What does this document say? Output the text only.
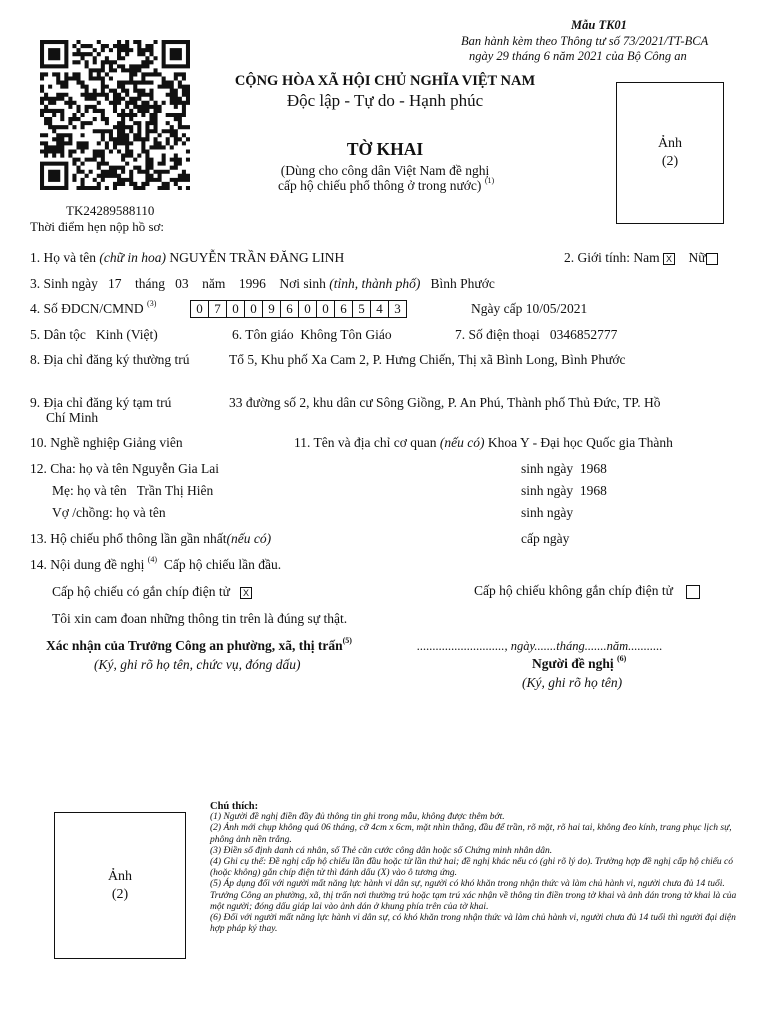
Mẫu TK01
Ban hành kèm theo Thông tư số 73/2021/TT-BCA
ngày 29 tháng 6 năm 2021 của Bộ Công an
CỘNG HÒA XÃ HỘI CHỦ NGHĨA VIỆT NAM
Độc lập - Tự do - Hạnh phúc
TỜ KHAI
(Dùng cho công dân Việt Nam đề nghị
cấp hộ chiếu phổ thông ở trong nước) $^{(1)}$
TK24289588110
Thời điểm hẹn nộp hồ sơ:
Ảnh
(2)
1. Họ và tên (chữ in hoa) NGUYỄN TRẦN ĐĂNG LINH	2. Giới tính: Nam X Nữ
3. Sinh ngày 17 tháng 03 năm 1996 Nơi sinh (tỉnh, thành phố) Bình Phước
4. Số ĐDCN/CMND $^{(3)}$	0 7 0 0 9 6 0 0 6 5 4 3	Ngày cấp 10/05/2021
5. Dân tộc Kinh (Việt)	6. Tôn giáo Không Tôn Giáo	7. Số điện thoại 0346852777
8. Địa chỉ đăng ký thường trú	Tổ 5, Khu phố Xa Cam 2, P. Hưng Chiến, Thị xã Bình Long, Bình Phước
9. Địa chỉ đăng ký tạm trú	33 đường số 2, khu dân cư Sông Giồng, P. An Phú, Thành phố Thủ Đức, TP. Hồ
Chí Minh
10. Nghề nghiệp Giảng viên	11. Tên và địa chỉ cơ quan (nếu có) Khoa Y - Đại học Quốc gia Thành
12. Cha: họ và tên Nguyễn Gia Lai	sinh ngày 1968
Mẹ: họ và tên Trần Thị Hiên	sinh ngày 1968
Vợ /chồng: họ và tên	sinh ngày
13. Hộ chiếu phổ thông lần gần nhất(nếu có)	cấp ngày
14. Nội dung đề nghị $^{(4)}$ Cấp hộ chiếu lần đầu.
Cấp hộ chiếu có gắn chíp điện tử X	Cấp hộ chiếu không gắn chíp điện tử
Tôi xin cam đoan những thông tin trên là đúng sự thật.
Xác nhận của Trưởng Công an phường, xã, thị trấn$^{(5)}$
(Ký, ghi rõ họ tên, chức vụ, đóng dấu)
............................, ngày.......tháng.......năm...........
Người đề nghị $^{(6)}$
(Ký, ghi rõ họ tên)
Ảnh
(2)
Chú thích:
(1) Người đề nghị điền đầy đủ thông tin ghi trong mẫu, không được thêm bớt.
(2) Ảnh mới chụp không quá 06 tháng, cỡ 4cm x 6cm, mặt nhìn thẳng, đầu để trần, rõ mặt, rõ hai tai, không đeo kính, trang phục lịch sự, phông ảnh nền trắng.
(3) Điền số định danh cá nhân, số Thẻ căn cước công dân hoặc số Chứng minh nhân dân.
(4) Ghi cụ thể: Đề nghị cấp hộ chiếu lần đầu hoặc từ lần thứ hai; đề nghị khác nếu có (ghi rõ lý do). Trường hợp đề nghị cấp hộ chiếu có (hoặc không) gắn chíp điện tử thì đánh dấu (X) vào ô tương ứng.
(5) Áp dụng đối với người mất năng lực hành vi dân sự, người có khó khăn trong nhận thức và làm chủ hành vi, người chưa đủ 14 tuổi. Trưởng Công an phường, xã, thị trấn nơi thường trú hoặc tạm trú xác nhận về thông tin điền trong tờ khai và ảnh dán trong tờ khai là của một người; đóng dấu giáp lai vào ảnh dán ở khung phía trên của tờ khai.
(6) Đối với người mất năng lực hành vi dân sự, có khó khăn trong nhận thức và làm chủ hành vi, người chưa đủ 14 tuổi thì người đại diện hợp pháp ký thay.
